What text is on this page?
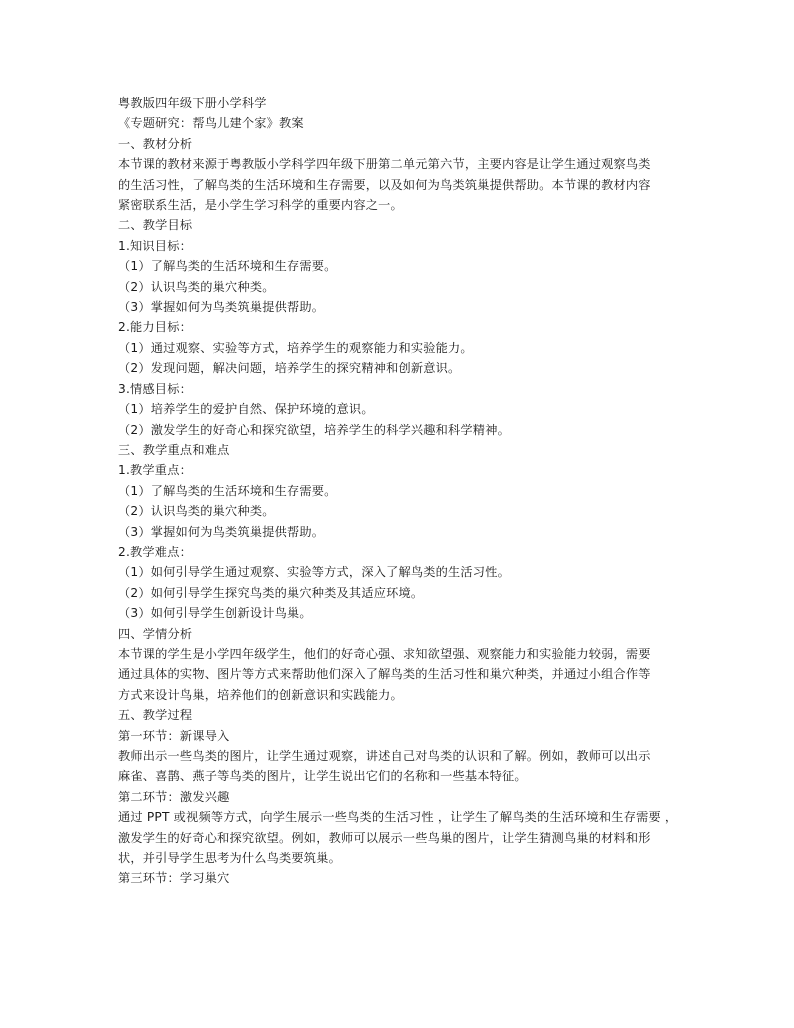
粤教版四年级下册小学科学
《专题研究：帮鸟儿建个家》教案
一、教材分析
本节课的教材来源于粤教版小学科学四年级下册第二单元第六节，主要内容是让学生通过观察鸟类
的生活习性，了解鸟类的生活环境和生存需要，以及如何为鸟类筑巢提供帮助。本节课的教材内容
紧密联系生活，是小学生学习科学的重要内容之一。
二、教学目标
1.知识目标：
（1）了解鸟类的生活环境和生存需要。
（2）认识鸟类的巢穴种类。
（3）掌握如何为鸟类筑巢提供帮助。
2.能力目标：
（1）通过观察、实验等方式，培养学生的观察能力和实验能力。
（2）发现问题，解决问题，培养学生的探究精神和创新意识。
3.情感目标：
（1）培养学生的爱护自然、保护环境的意识。
（2）激发学生的好奇心和探究欲望，培养学生的科学兴趣和科学精神。
三、教学重点和难点
1.教学重点：
（1）了解鸟类的生活环境和生存需要。
（2）认识鸟类的巢穴种类。
（3）掌握如何为鸟类筑巢提供帮助。
2.教学难点：
（1）如何引导学生通过观察、实验等方式，深入了解鸟类的生活习性。
（2）如何引导学生探究鸟类的巢穴种类及其适应环境。
（3）如何引导学生创新设计鸟巢。
四、学情分析
本节课的学生是小学四年级学生，他们的好奇心强、求知欲望强、观察能力和实验能力较弱，需要
通过具体的实物、图片等方式来帮助他们深入了解鸟类的生活习性和巢穴种类，并通过小组合作等
方式来设计鸟巢，培养他们的创新意识和实践能力。
五、教学过程
第一环节：新课导入
教师出示一些鸟类的图片，让学生通过观察，讲述自己对鸟类的认识和了解。例如，教师可以出示
麻雀、喜鹊、燕子等鸟类的图片，让学生说出它们的名称和一些基本特征。
第二环节：激发兴趣
通过 PPT 或视频等方式，向学生展示一些鸟类的生活习性 ，让学生了解鸟类的生活环境和生存需要 ，
激发学生的好奇心和探究欲望。例如，教师可以展示一些鸟巢的图片，让学生猜测鸟巢的材料和形
状，并引导学生思考为什么鸟类要筑巢。
第三环节：学习巢穴
